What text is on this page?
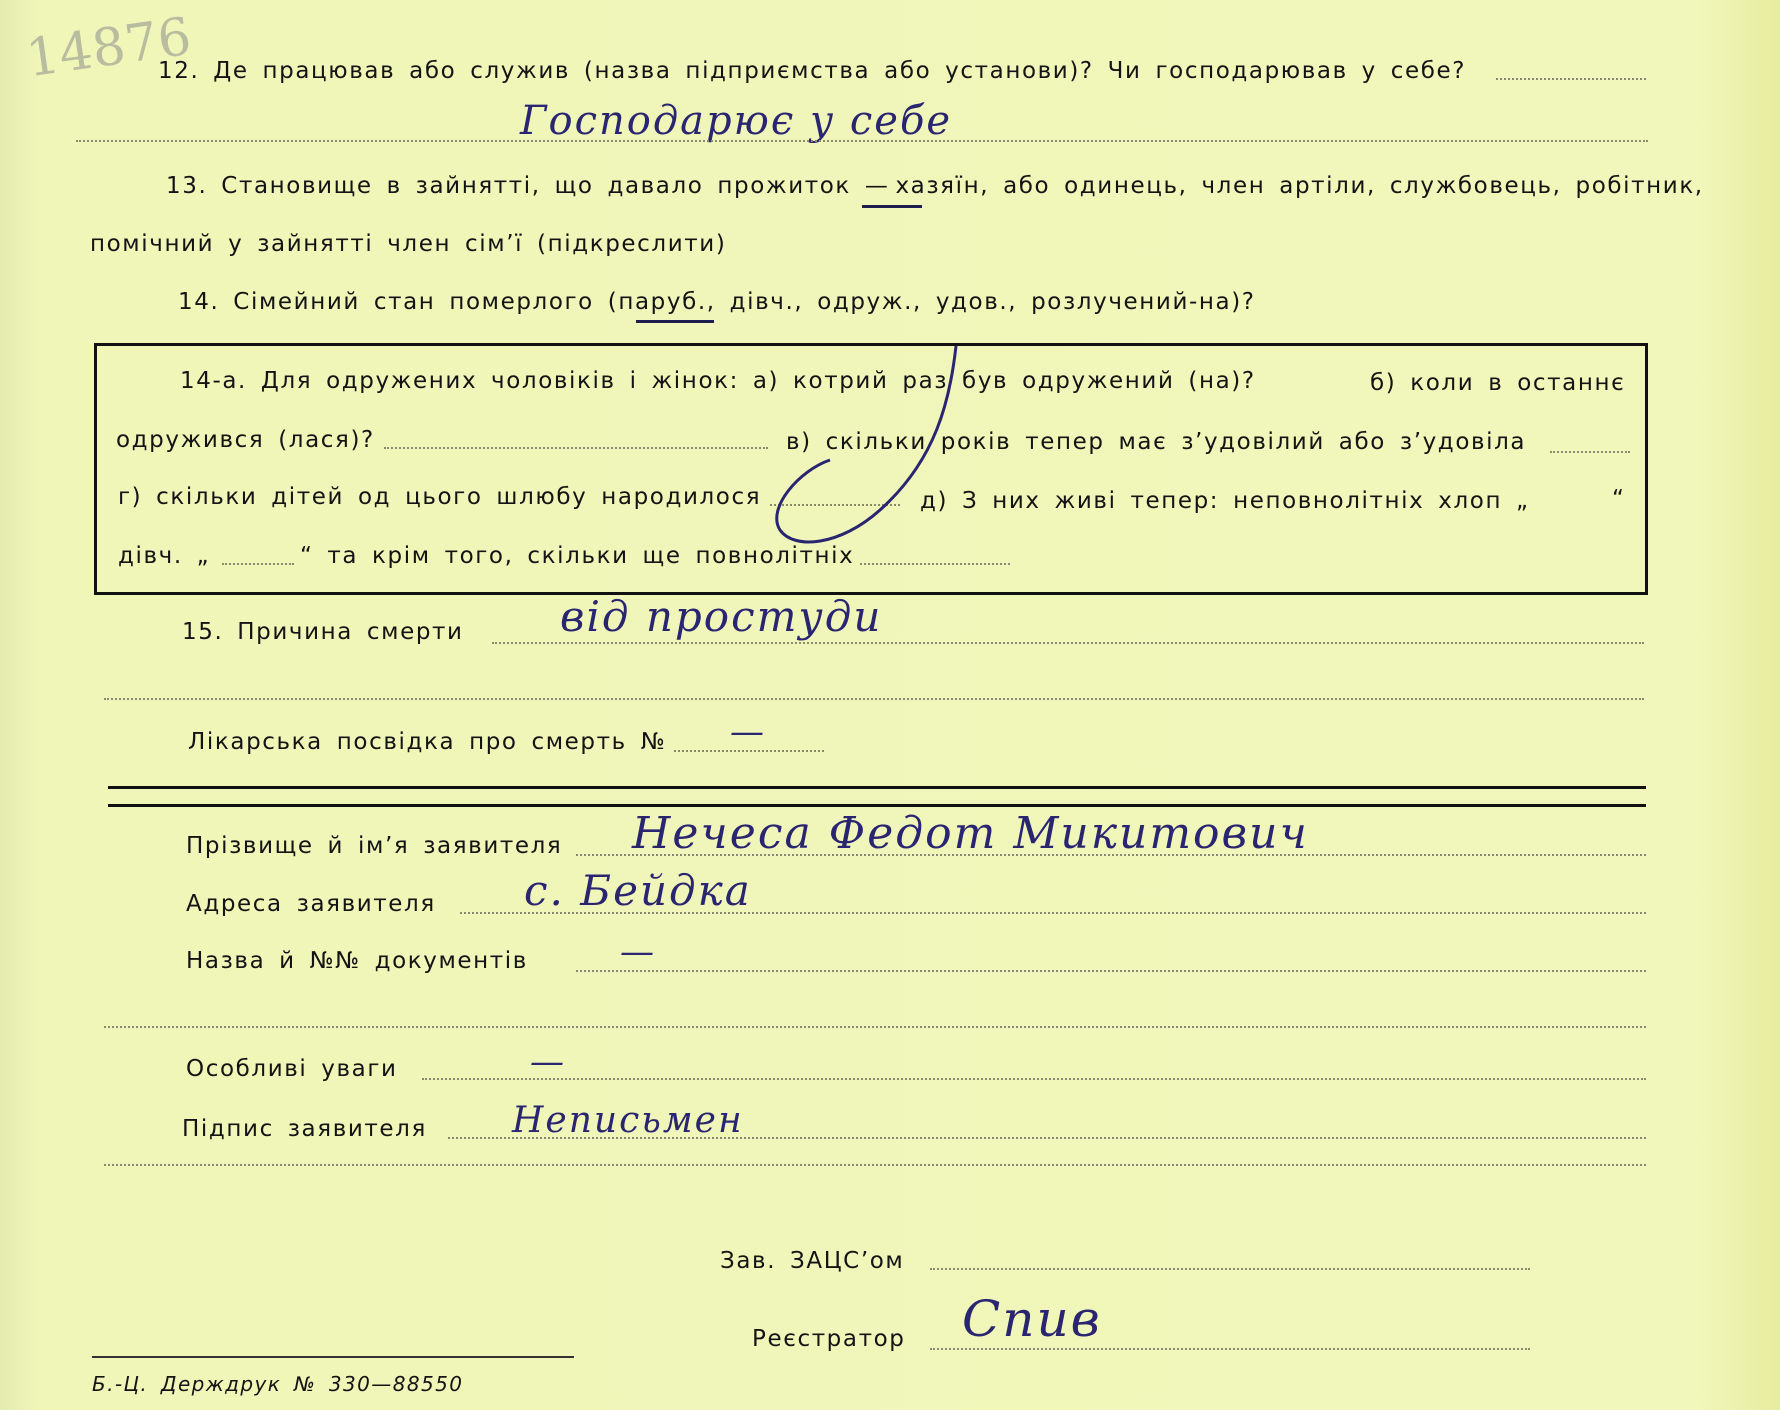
14876
12. Де працював або служив (назва підприємства або установи)? Чи господарював у себе?
Господарює у себе
13. Становище в зайнятті, що давало прожиток — хазяїн, або одинець, член артіли, службовець, робітник,
помічний у зайнятті член сім’ї (підкреслити)
14. Сімейний стан померлого (паруб., дівч., одруж., удов., розлучений-на)?
14-а. Для одружених чоловіків і жінок: а) котрий раз був одружений (на)?	б) коли в останнє
одружився (лася)?	в) скільки років тепер має з’удовілий або з’удовіла
г) скільки дітей од цього шлюбу народилося	д) З них живі тепер: неповнолітніх хлоп „	“
дівч. „	“ та крім того, скільки ще повнолітніх
15. Причина смерти від простуди
Лікарська посвідка про смерть № —
Прізвище й ім’я заявителя Нечеса Федот Микитович
Адреса заявителя с. Бейдка
Назва й №№ документів	—
Особливі уваги	—
Підпис заявителя Неписьмен
Зав. ЗАЦС’ом
Реєстратор Спив
Б.-Ц. Держдрук № 330—88550
